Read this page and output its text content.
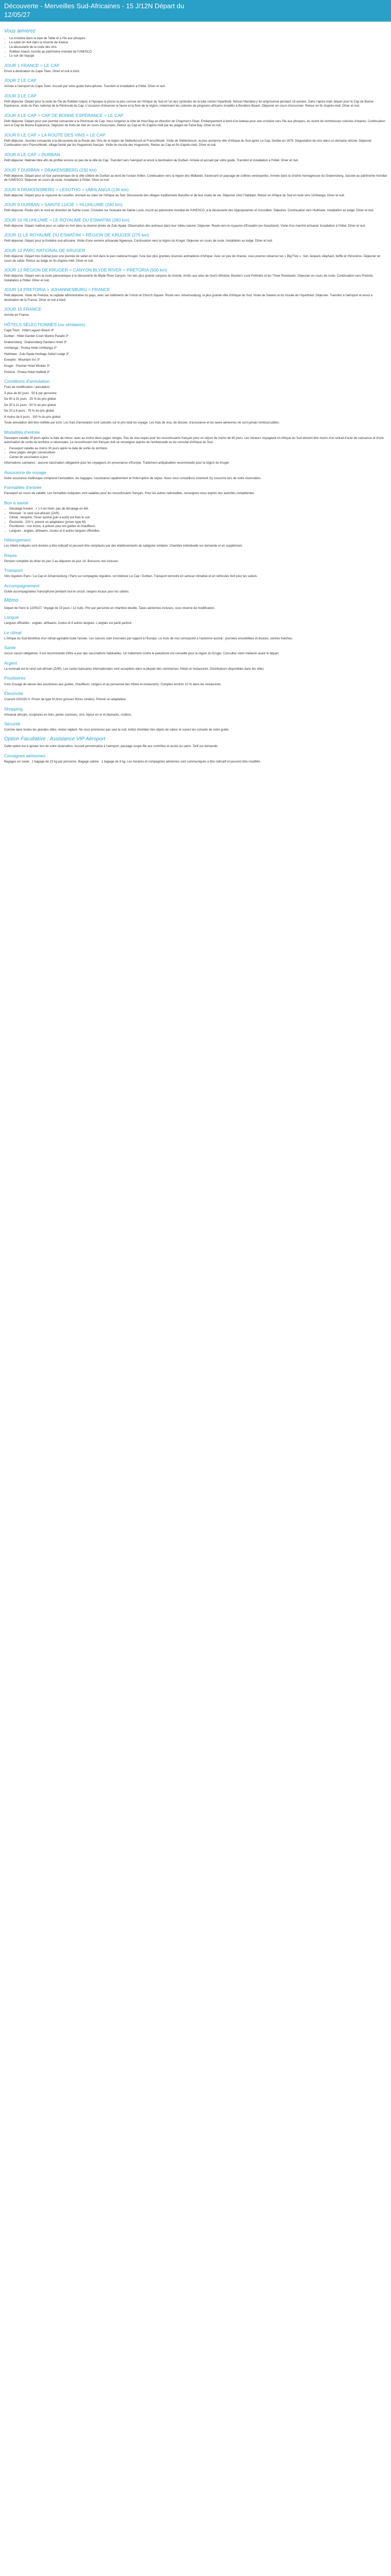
Découverte - Merveilles Sud-Africaines - 15 J/12N Départ du
12/05/27
Vous aimerez
• La croisière dans la baie de Table et à l'île aux phoques
• Le safari en 4x4 dans la réserve de Kwena
• La découverte de la route des vins
• Robben Island, inscrite au patrimoine mondial de l'UNESCO
• Le soir de l'équipe
JOUR 1 FRANCE > LE CAP

Envol à destination du Cape Town. Dîner et nuit à bord.

JOUR 2 LE CAP

Arrivée à l'aéroport du Cape Town. Accueil par votre guide francophone. Transfert et installation à l'hôtel. Dîner et nuit.

JOUR 3 LE CAP

Petit déjeuner. Départ pour la visite de l'île de Robben Island, à l'époque la prison la plus connue de l'Afrique du Sud et l'un des symboles de la lutte contre l'Apartheid. Nelson Mandela y fut emprisonné pendant 18 années. Dans l'après-midi, départ pour le Cap de Bonne Espérance, visite du Parc national de la Péninsule du Cap. L'occasion d'observer la faune et la flore de la région, notamment les colonies de pingouins africains installés à Boulders Beach. Déjeuner en cours d'excursion. Retour en fin d'après-midi. Dîner et nuit.

JOUR 4 LE CAP > CAP DE BONNE ESPÉRANCE > LE CAP

Petit déjeuner. Départ pour une journée consacrée à la Péninsule du Cap. Vous longerez la côte de Hout Bay en direction de Chapman's Peak. Embarquement à bord d'un bateau pour une croisière vers l'île aux phoques, où vivent de nombreuses colonies d'otaries. Continuation vers le Cap de Bonne Espérance. Déjeuner de fruits de mer en cours d'excursion. Retour au Cap en fin d'après-midi par les plages de False Bay. Dîner et nuit.

JOUR 5 LE CAP > LA ROUTE DES VINS > LE CAP

Petit déjeuner. Journée consacrée à la découverte de la Route des Vins de la région de Stellenbosch et Franschhoek. Visite de Stellenbosch, la plus ancienne ville d'Afrique du Sud après Le Cap, fondée en 1679. Dégustation de vins dans un domaine viticole. Déjeuner. Continuation vers Franschhoek, village fondé par les Huguenots français. Visite du musée des Huguenots. Retour au Cap en fin d'après-midi. Dîner et nuit.

JOUR 6 LE CAP > DURBAN

Petit déjeuner. Matinée libre afin de profiter encore un peu de la ville du Cap. Transfert vers l'aéroport et envol à destination de Durban. Arrivée et accueil par votre guide. Transfert et installation à l'hôtel. Dîner et nuit.

JOUR 7 DURBAN > DRAKENSBERG (230 km)

Petit déjeuner. Départ pour un tour panoramique de la ville côtière de Durban au bord de l'océan Indien. Continuation vers la région des Midlands, traversant un paysage de collines verdoyantes. Arrivée dans la chaîne montagneuse du Drakensberg, classée au patrimoine mondial de l'UNESCO. Déjeuner en cours de route. Installation à l'hôtel. Dîner et nuit.

JOUR 8 DRAKENSBERG > LESOTHO > UMHLANGA (130 km)

Petit déjeuner. Départ pour le royaume du Lesotho, enclavé au cœur de l'Afrique du Sud. Découverte des villages traditionnels Basotho et de leur mode de vie. Déjeuner chez l'habitant. Retour en Afrique du Sud et route vers Umhlanga. Dîner et nuit.

JOUR 9 DURBAN > SAINTE LUCIE > HLUHLUWE (240 km)

Petit déjeuner. Route vers le nord en direction de Sainte Lucie. Croisière sur l'estuaire de Sainte Lucie, inscrit au patrimoine mondial de l'UNESCO, à la découverte des hippopotames et crocodiles. Déjeuner. Continuation vers Hluhluwe. Installation au lodge. Dîner et nuit.

JOUR 10 HLUHLUWE > LE ROYAUME DU ESWATINI (260 km)

Petit déjeuner. Départ matinal pour un safari en 4x4 dans la réserve privée de Zulu Nyala. Observation des animaux dans leur milieu naturel. Déjeuner. Route vers le royaume d'Eswatini (ex-Swaziland). Visite d'un marché artisanal. Installation à l'hôtel. Dîner et nuit.

JOUR 11 LE ROYAUME DU ESWATINI > RÉGION DE KRUGER (275 km)

Petit déjeuner. Départ pour la frontière sud-africaine. Visite d'une verrerie artisanale Ngwenya. Continuation vers la région du Kruger. Déjeuner en cours de route. Installation au lodge. Dîner et nuit.

JOUR 12 PARC NATIONAL DE KRUGER

Petit déjeuner. Départ très matinal pour une journée de safari en 4x4 dans le parc national Kruger, l'une des plus grandes réserves animalières d'Afrique. Avec un peu de chance, vous pourrez observer les « Big Five » : lion, léopard, éléphant, buffle et rhinocéros. Déjeuner en cours de safari. Retour au lodge en fin d'après-midi. Dîner et nuit.

JOUR 13 RÉGION DE KRUGER > CANYON BLYDE RIVER > PRETORIA (500 km)

Petit déjeuner. Départ vers la route panoramique à la découverte du Blyde River Canyon, l'un des plus grands canyons du monde. Arrêts aux sites de God's Window, Bourke's Luck Potholes et les Three Rondavels. Déjeuner en cours de route. Continuation vers Pretoria. Installation à l'hôtel. Dîner et nuit.

JOUR 14 PRETORIA > JOHANNESBURG > FRANCE

Petit déjeuner. Visite de Pretoria, la capitale administrative du pays, avec ses bâtiments de l'Union et Church Square. Route vers Johannesburg, la plus grande ville d'Afrique du Sud. Visite de Soweto et du musée de l'Apartheid. Déjeuner. Transfert à l'aéroport et envol à destination de la France. Dîner et nuit à bord.

JOUR 15 FRANCE

Arrivée en France.

HÔTELS SÉLECTIONNÉS (ou similaires)

Cape Town : Hôtel Lagoon Beach 4*

Durban : Hôtel Garden Court Marine Parade 3*

Drakensberg : Drakensberg Gardens Hotel 3*

Umhlanga : Protea Hotel Umhlanga 3*

Hluhluwe : Zulu Nyala Heritage Safari Lodge 3*

Eswatini : Mountain Inn 3*

Kruger : Premier Hotel Winkler 3*

Pretoria : Protea Hotel Hatfield 3*

Conditions d'annulation

Frais de modification / annulation :

À plus de 60 jours : 50 € par personne

De 60 à 31 jours : 25 % du prix global

De 30 à 21 jours : 50 % du prix global

De 20 à 8 jours : 75 % du prix global

À moins de 8 jours : 100 % du prix global

Toute annulation doit être notifiée par écrit. Les frais d'annulation sont calculés sur le prix total du voyage. Les frais de visa, de dossier, d'assurance et les taxes aériennes ne sont jamais remboursables.

Modalités d'entrée

Passeport valable 30 jours après la date de retour, avec au moins deux pages vierges. Pas de visa requis pour les ressortissants français pour un séjour de moins de 90 jours. Les mineurs voyageant en Afrique du Sud doivent être munis d'un extrait d'acte de naissance et d'une autorisation de sortie du territoire si nécessaire. Le ressortissant non français doit se renseigner auprès de l'ambassade ou du consulat d'Afrique du Sud.

• Passeport valable au moins 30 jours après la date de sortie du territoire
• Deux pages vierges consécutives
• Carnet de vaccination à jour

Informations sanitaires : aucune vaccination obligatoire pour les voyageurs en provenance d'Europe. Traitement antipaludéen recommandé pour la région du Kruger.

Assurance de voyage

Notre assurance multirisque comprend l'annulation, les bagages, l'assistance rapatriement et l'interruption de séjour. Nous vous conseillons vivement d'y souscrire lors de votre réservation.

Formalités d'entrée

Passeport en cours de validité. Les formalités indiquées sont valables pour les ressortissants français. Pour les autres nationalités, renseignez-vous auprès des autorités compétentes.

Bon à savoir
• Décalage horaire : + 1 h en hiver, pas de décalage en été.
• Monnaie : le rand sud-africain (ZAR).
• Climat : tempéré, l'hiver austral (juin à août) est frais le soir.
• Électricité : 220 V, prévoir un adaptateur (prises type M).
• Pourboires : non inclus, à prévoir pour les guides et chauffeurs.
• Langues : anglais, afrikaans, zoulou et 8 autres langues officielles.
Hébergement

Les hôtels indiqués sont donnés à titre indicatif et peuvent être remplacés par des établissements de catégorie similaire. Chambre individuelle sur demande et en supplément.

Repas

Pension complète du dîner du jour 2 au déjeuner du jour 14. Boissons non incluses.

Transport

Vols réguliers Paris / Le Cap et Johannesburg / Paris sur compagnie régulière, vol intérieur Le Cap / Durban. Transport terrestre en autocar climatisé et en véhicules 4x4 pour les safaris.

Accompagnement

Guide accompagnateur francophone pendant tout le circuit, rangers locaux pour les safaris.

Mémo

Départ de Paris le 12/05/27. Voyage de 15 jours / 12 nuits. Prix par personne en chambre double. Taxes aériennes incluses, sous réserve de modification.

Langue

Langues officielles : anglais, afrikaans, zoulou et 8 autres langues. L'anglais est parlé partout.

Le climat

L'Afrique du Sud bénéficie d'un climat agréable toute l'année. Les saisons sont inversées par rapport à l'Europe. Le mois de mai correspond à l'automne austral : journées ensoleillées et douces, soirées fraîches.

Santé

Aucun vaccin obligatoire. Il est recommandé d'être à jour des vaccinations habituelles. Un traitement contre le paludisme est conseillé pour la région du Kruger. Consultez votre médecin avant le départ.

Argent

La monnaie est le rand sud-africain (ZAR). Les cartes bancaires internationales sont acceptées dans la plupart des commerces, hôtels et restaurants. Distributeurs disponibles dans les villes.

Pourboires

Il est d'usage de laisser des pourboires aux guides, chauffeurs, rangers et au personnel des hôtels et restaurants. Comptez environ 10 % dans les restaurants.

Électricité

Courant 220/230 V. Prises de type M (trois grosses fiches rondes). Prévoir un adaptateur.

Shopping

Artisanat africain, sculptures en bois, perles zouloues, vins, bijoux en or et diamants, rooibos.

Sécurité

Comme dans toutes les grandes villes, restez vigilant. Ne vous promenez pas seul la nuit, évitez d'exhiber des objets de valeur et suivez les conseils de votre guide.

Option Facultative : Assistance VIP Aéroport

Cette option est à ajouter lors de votre réservation. Accueil personnalisé à l'aéroport, passage coupe-file aux contrôles et accès au salon. Tarif sur demande.

Consignes aériennes

Bagages en soute : 1 bagage de 23 kg par personne. Bagage cabine : 1 bagage de 8 kg. Les horaires et compagnies aériennes sont communiqués à titre indicatif et peuvent être modifiés.
